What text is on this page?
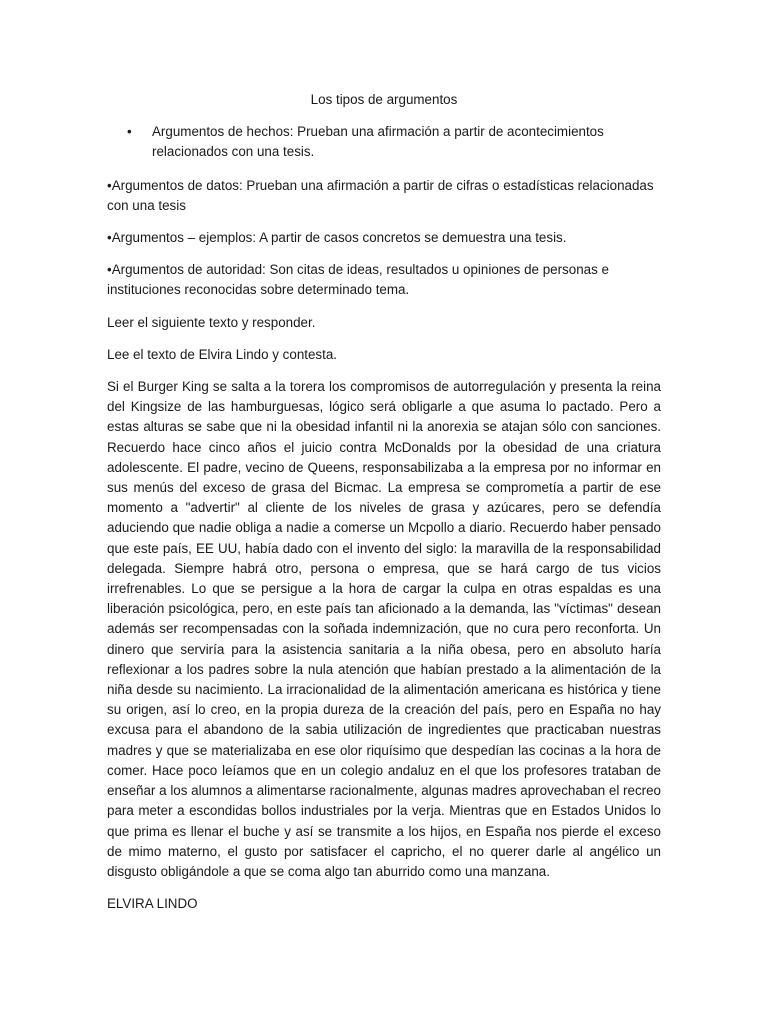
Los tipos de argumentos

• Argumentos de hechos: Prueban una afirmación a partir de acontecimientos relacionados con una tesis.

•Argumentos de datos: Prueban una afirmación a partir de cifras o estadísticas relacionadas con una tesis

•Argumentos – ejemplos: A partir de casos concretos se demuestra una tesis.

•Argumentos de autoridad: Son citas de ideas, resultados u opiniones de personas e instituciones reconocidas sobre determinado tema.

Leer el siguiente texto y responder.

Lee el texto de Elvira Lindo y contesta.

Si el Burger King se salta a la torera los compromisos de autorregulación y presenta la reina del Kingsize de las hamburguesas, lógico será obligarle a que asuma lo pactado. Pero a estas alturas se sabe que ni la obesidad infantil ni la anorexia se atajan sólo con sanciones. Recuerdo hace cinco años el juicio contra McDonalds por la obesidad de una criatura adolescente. El padre, vecino de Queens, responsabilizaba a la empresa por no informar en sus menús del exceso de grasa del Bicmac. La empresa se comprometía a partir de ese momento a "advertir" al cliente de los niveles de grasa y azúcares, pero se defendía aduciendo que nadie obliga a nadie a comerse un Mcpollo a diario. Recuerdo haber pensado que este país, EE UU, había dado con el invento del siglo: la maravilla de la responsabilidad delegada. Siempre habrá otro, persona o empresa, que se hará cargo de tus vicios irrefrenables. Lo que se persigue a la hora de cargar la culpa en otras espaldas es una liberación psicológica, pero, en este país tan aficionado a la demanda, las "víctimas" desean además ser recompensadas con la soñada indemnización, que no cura pero reconforta. Un dinero que serviría para la asistencia sanitaria a la niña obesa, pero en absoluto haría reflexionar a los padres sobre la nula atención que habían prestado a la alimentación de la niña desde su nacimiento. La irracionalidad de la alimentación americana es histórica y tiene su origen, así lo creo, en la propia dureza de la creación del país, pero en España no hay excusa para el abandono de la sabia utilización de ingredientes que practicaban nuestras madres y que se materializaba en ese olor riquísimo que despedían las cocinas a la hora de comer. Hace poco leíamos que en un colegio andaluz en el que los profesores trataban de enseñar a los alumnos a alimentarse racionalmente, algunas madres aprovechaban el recreo para meter a escondidas bollos industriales por la verja. Mientras que en Estados Unidos lo que prima es llenar el buche y así se transmite a los hijos, en España nos pierde el exceso de mimo materno, el gusto por satisfacer el capricho, el no querer darle al angélico un disgusto obligándole a que se coma algo tan aburrido como una manzana.

ELVIRA LINDO
